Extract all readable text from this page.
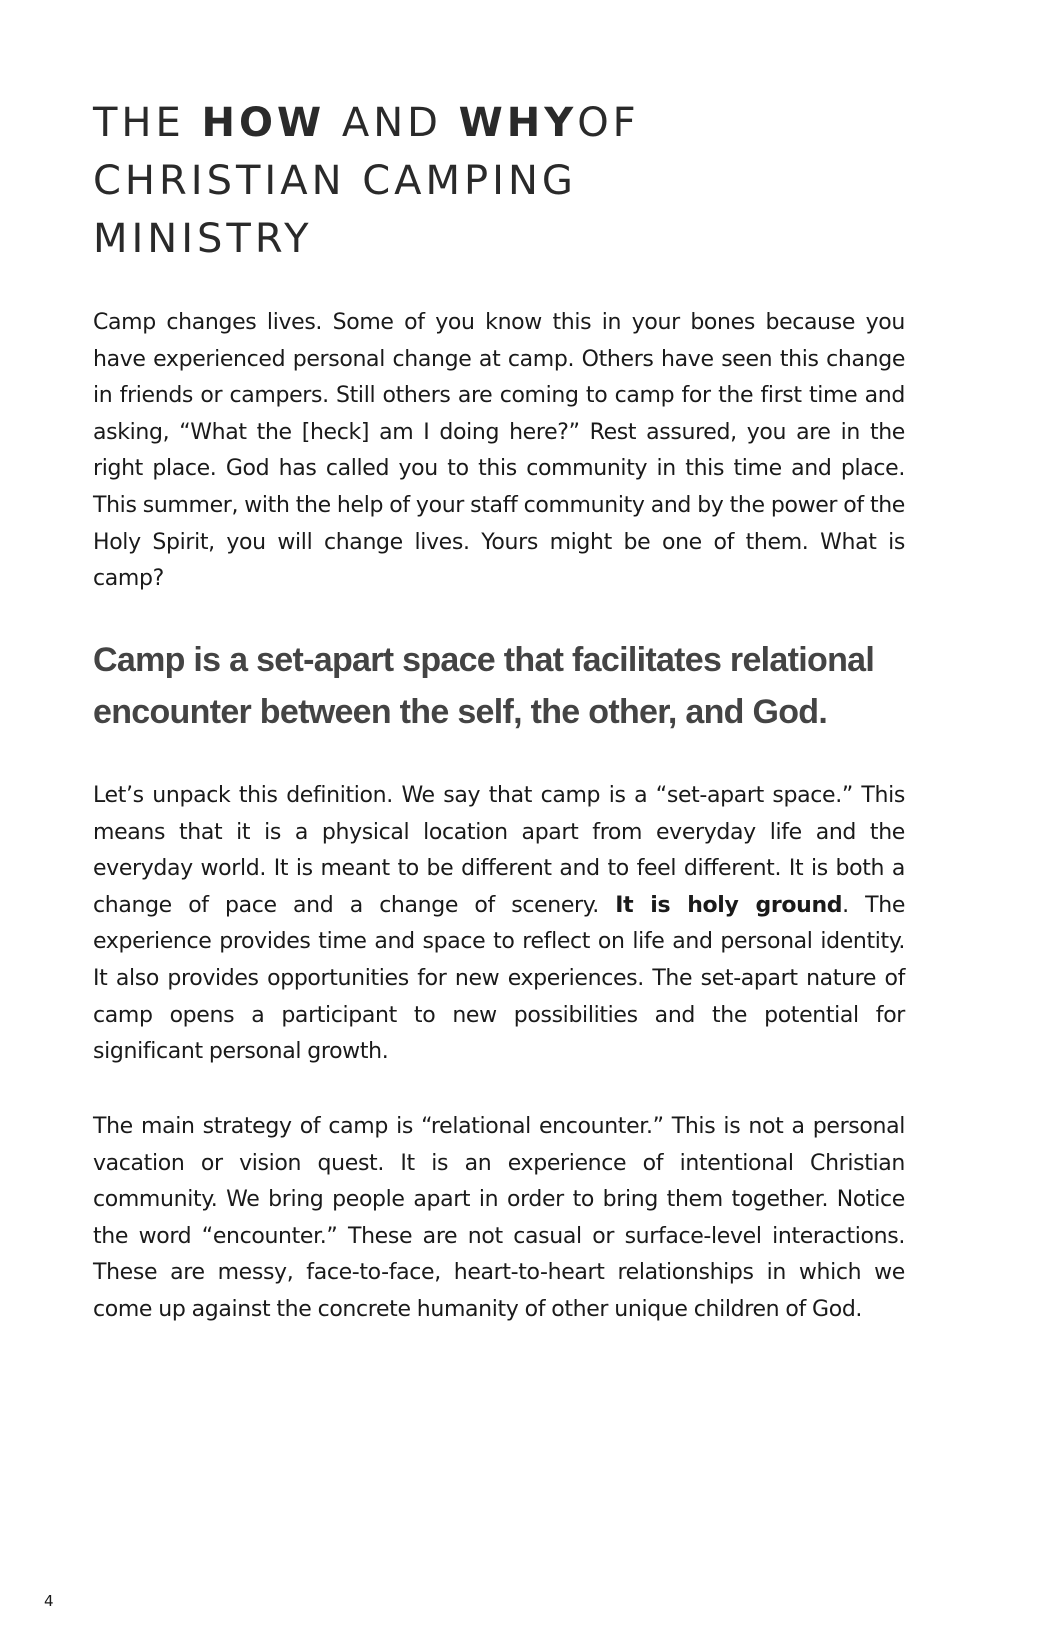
THE HOW AND WHYOF
CHRISTIAN CAMPING
MINISTRY

Camp changes lives. Some of you know this in your bones because you have experienced personal change at camp. Others have seen this change in friends or campers. Still others are coming to camp for the first time and asking, “What the [heck] am I doing here?” Rest assured, you are in the right place. God has called you to this community in this time and place. This summer, with the help of your staff community and by the power of the Holy Spirit, you will change lives. Yours might be one of them. What is camp?

Camp is a set-apart space that facilitates relational encounter between the self, the other, and God.

Let’s unpack this definition. We say that camp is a “set-apart space.” This means that it is a physical location apart from everyday life and the everyday world. It is meant to be different and to feel different. It is both a change of pace and a change of scenery. It is holy ground. The experience provides time and space to reflect on life and personal identity. It also provides opportunities for new experiences. The set-apart nature of camp opens a participant to new possibilities and the potential for significant personal growth.

The main strategy of camp is “relational encounter.” This is not a personal vacation or vision quest. It is an experience of intentional Christian community. We bring people apart in order to bring them together. Notice the word “encounter.” These are not casual or surface-level interactions. These are messy, face-to-face, heart-to-heart relationships in which we come up against the concrete humanity of other unique children of God.

4
